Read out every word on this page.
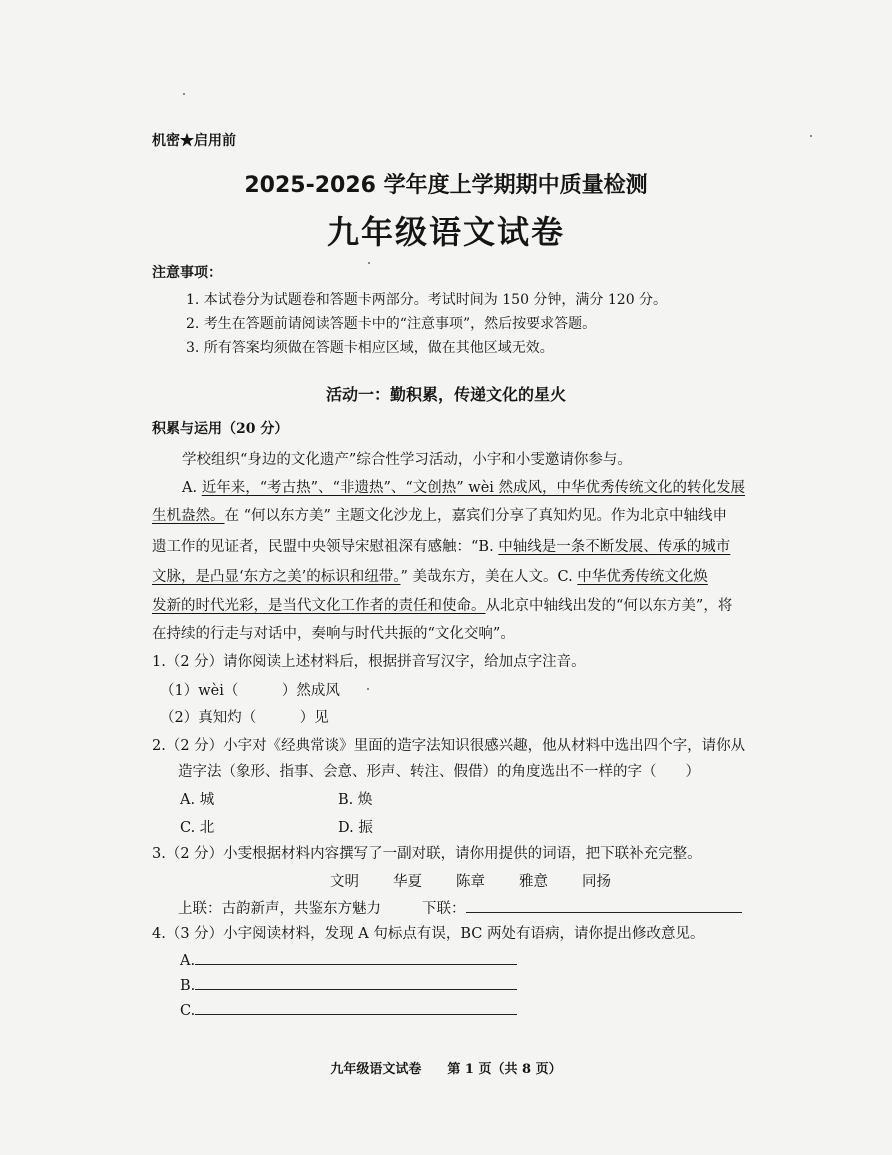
机密★启用前
2025-2026 学年度上学期期中质量检测
九年级语文试卷
注意事项：
1. 本试卷分为试题卷和答题卡两部分。考试时间为 150 分钟，满分 120 分。
2. 考生在答题前请阅读答题卡中的“注意事项”，然后按要求答题。
3. 所有答案均须做在答题卡相应区域，做在其他区域无效。
活动一：勤积累，传递文化的星火
积累与运用（20 分）
学校组织“身边的文化遗产”综合性学习活动，小宇和小雯邀请你参与。
A. 近年来，“考古热”、“非遗热”、“文创热” wèi 然成风，中华优秀传统文化的转化发展
生机盎然。在 “何以东方美” 主题文化沙龙上，嘉宾们分享了真知灼见。作为北京中轴线申
遗工作的见证者，民盟中央领导宋慰祖深有感触：“B. 中轴线是一条不断发展、传承的城市
文脉，是凸显‘东方之美’的标识和纽带。” 美哉东方，美在人文。C. 中华优秀传统文化焕
发新的时代光彩，是当代文化工作者的责任和使命。从北京中轴线出发的“何以东方美”，将
在持续的行走与对话中，奏响与时代共振的“文化交响”。
1.（2 分）请你阅读上述材料后，根据拼音写汉字，给加点字注音。
（1）wèi（　　　）然成风
（2）真知灼（　　　）见
2.（2 分）小宇对《经典常谈》里面的造字法知识很感兴趣，他从材料中选出四个字，请你从
造字法（象形、指事、会意、形声、转注、假借）的角度选出不一样的字（　　）
A. 城	B. 焕
C. 北	D. 振
3.（2 分）小雯根据材料内容撰写了一副对联，请你用提供的词语，把下联补充完整。
文明 华夏 陈章 雅意 同扬
上联：古韵新声，共鉴东方魅力	下联：
4.（3 分）小宇阅读材料，发现 A 句标点有误，BC 两处有语病，请你提出修改意见。
A.
B.
C.
九年级语文试卷　　第 1 页（共 8 页）
